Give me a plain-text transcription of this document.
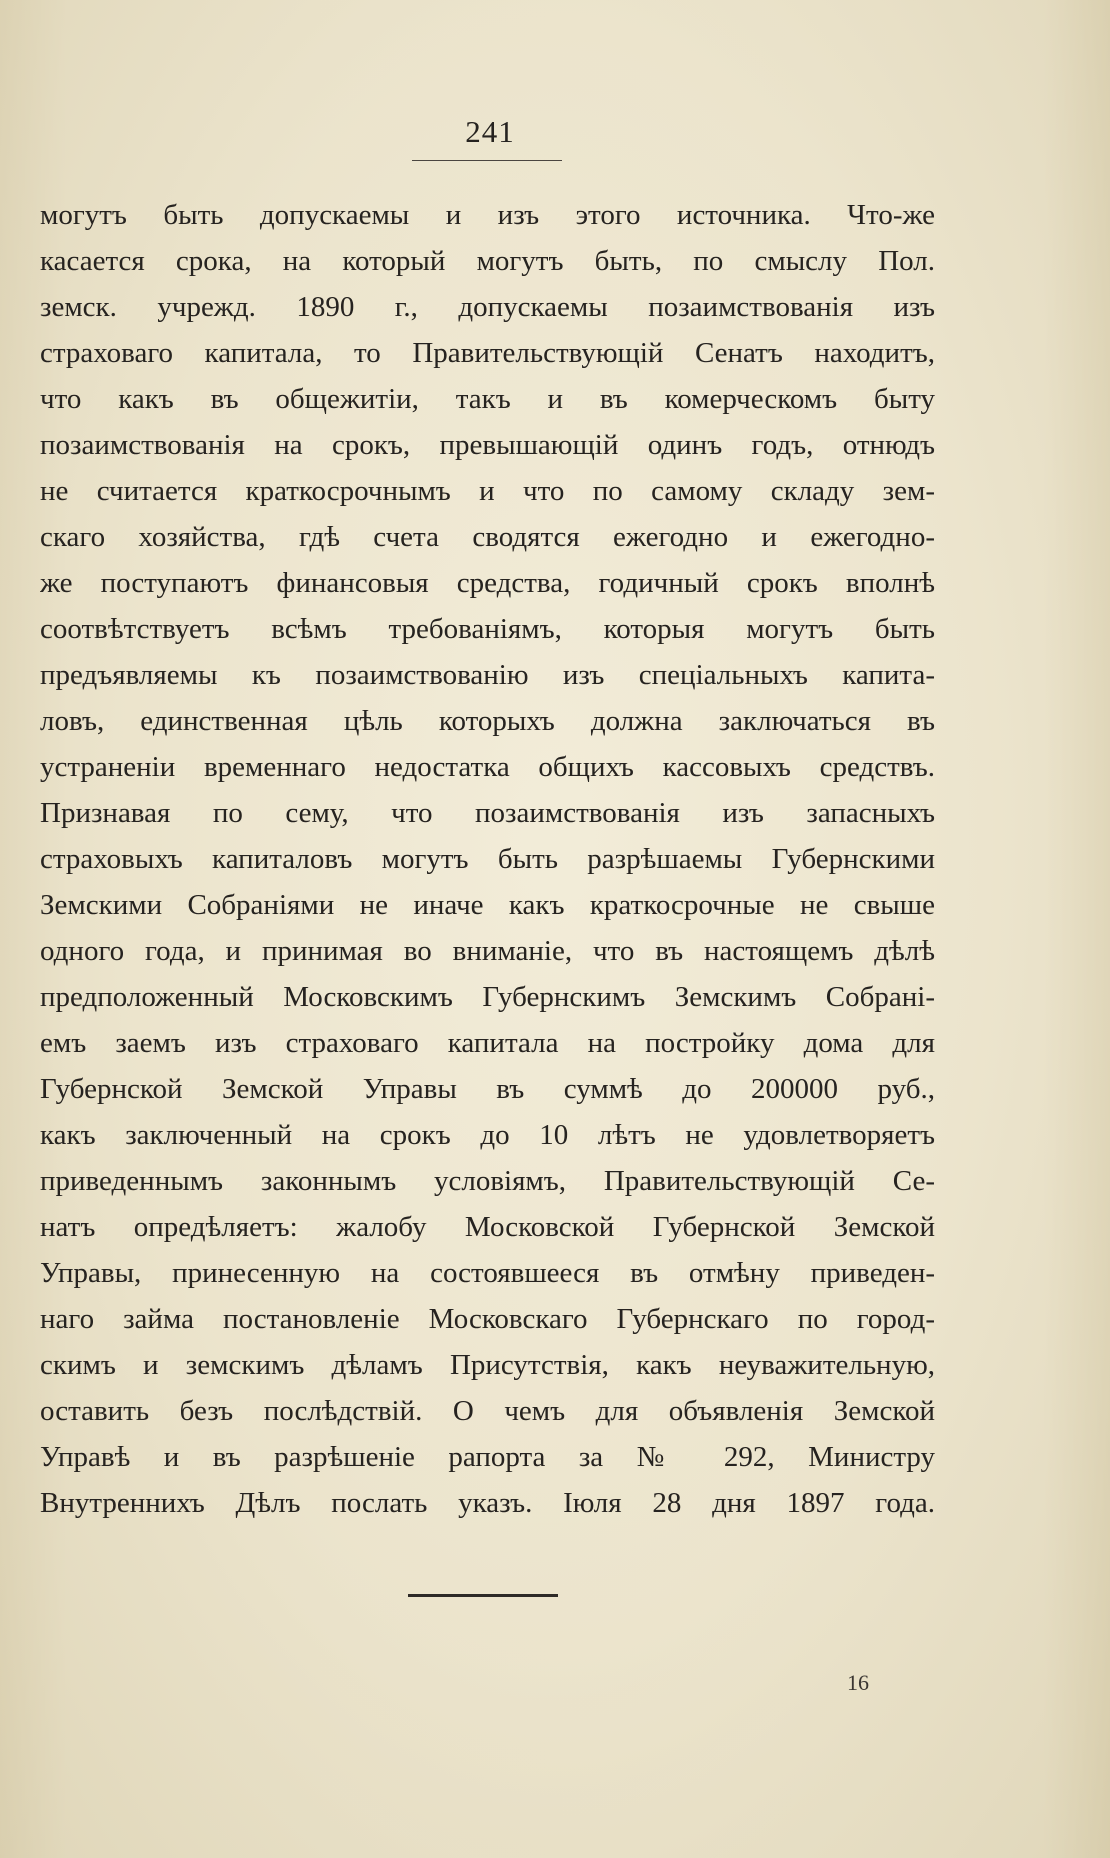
241
могутъ быть допускаемы и изъ этого источника. Что-же
касается срока, на который могутъ быть, по смыслу Пол.
земск. учрежд. 1890 г., допускаемы позаимствованія изъ
страховаго капитала, то Правительствующій Сенатъ находитъ,
что какъ въ общежитіи, такъ и въ комерческомъ быту
позаимствованія на срокъ, превышающій одинъ годъ, отнюдъ
не считается краткосрочнымъ и что по самому складу зем-
скаго хозяйства, гдѣ счета сводятся ежегодно и ежегодно-
же поступаютъ финансовыя средства, годичный срокъ вполнѣ
соотвѣтствуетъ всѣмъ требованіямъ, которыя могутъ быть
предъявляемы къ позаимствованію изъ спеціальныхъ капита-
ловъ, единственная цѣль которыхъ должна заключаться въ
устраненіи временнаго недостатка общихъ кассовыхъ средствъ.
Признавая по сему, что позаимствованія изъ запасныхъ
страховыхъ капиталовъ могутъ быть разрѣшаемы Губернскими
Земскими Собраніями не иначе какъ краткосрочные не свыше
одного года, и принимая во вниманіе, что въ настоящемъ дѣлѣ
предположенный Московскимъ Губернскимъ Земскимъ Собрані-
емъ заемъ изъ страховаго капитала на постройку дома для
Губернской Земской Управы въ суммѣ до 200000 руб.,
какъ заключенный на срокъ до 10 лѣтъ не удовлетворяетъ
приведеннымъ законнымъ условіямъ, Правительствующій Се-
натъ опредѣляетъ: жалобу Московской Губернской Земской
Управы, принесенную на состоявшееся въ отмѣну приведен-
наго займа постановленіе Московскаго Губернскаго по город-
скимъ и земскимъ дѣламъ Присутствія, какъ неуважительную,
оставить безъ послѣдствій. О чемъ для объявленія Земской
Управѣ и въ разрѣшеніе рапорта за № 292, Министру
Внутреннихъ Дѣлъ послать указъ. Іюля 28 дня 1897 года.
16
